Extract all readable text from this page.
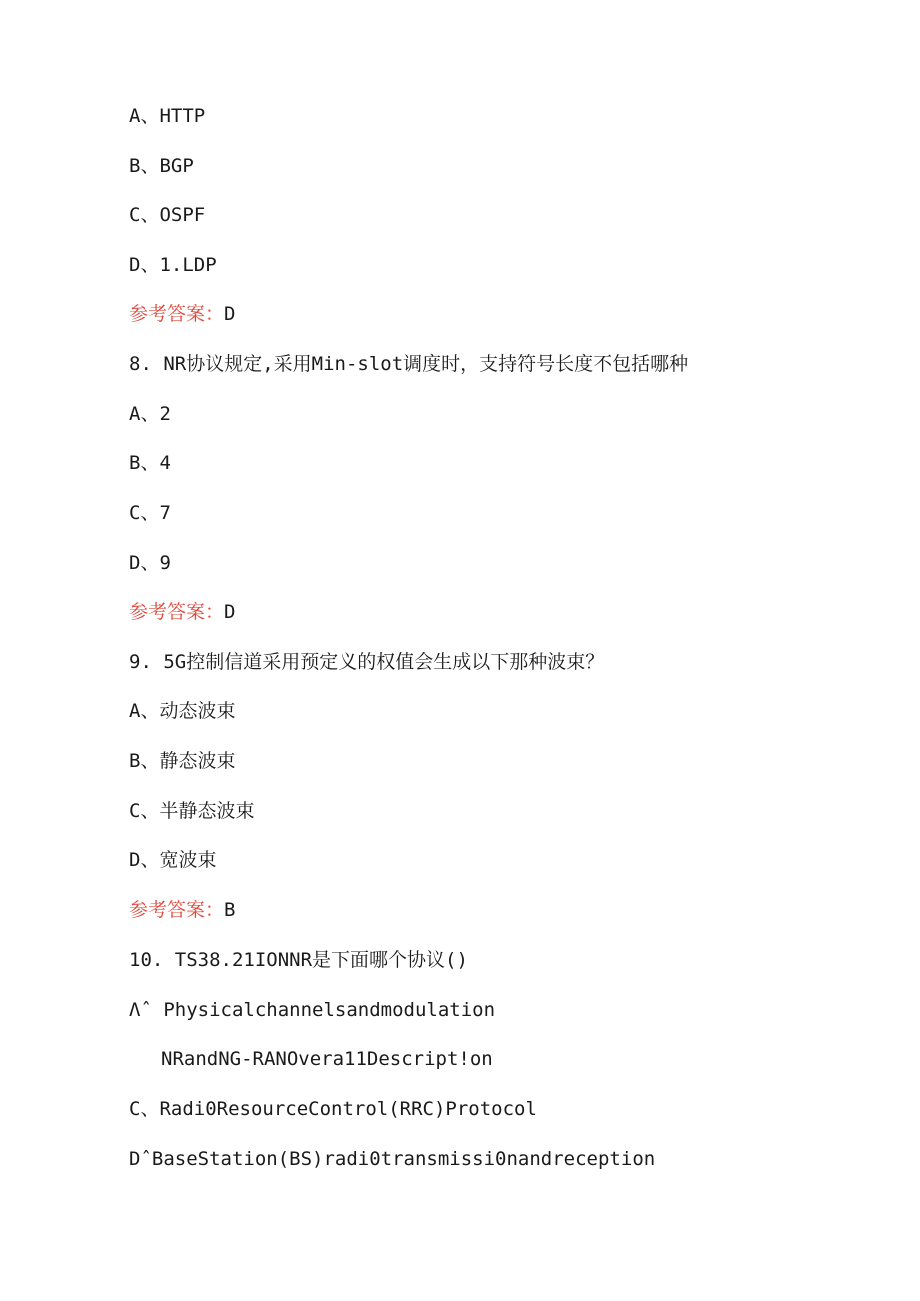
A、HTTP
B、BGP
C、OSPF
D、1.LDP
参考答案：D
8. NR协议规定,采用Min-slot调度时，支持符号长度不包括哪种
A、2
B、4
C、7
D、9
参考答案：D
9. 5G控制信道采用预定义的权值会生成以下那种波束？
A、动态波束
B、静态波束
C、半静态波束
D、宽波束
参考答案：B
10. TS38.21IONNR是下面哪个协议()
Λˆ Physicalchannelsandmodulation
NRandNG-RANOvera11Descript!on
C、Radi0ResourceControl(RRC)Protocol
DˆBaseStation(BS)radi0transmissi0nandreception
